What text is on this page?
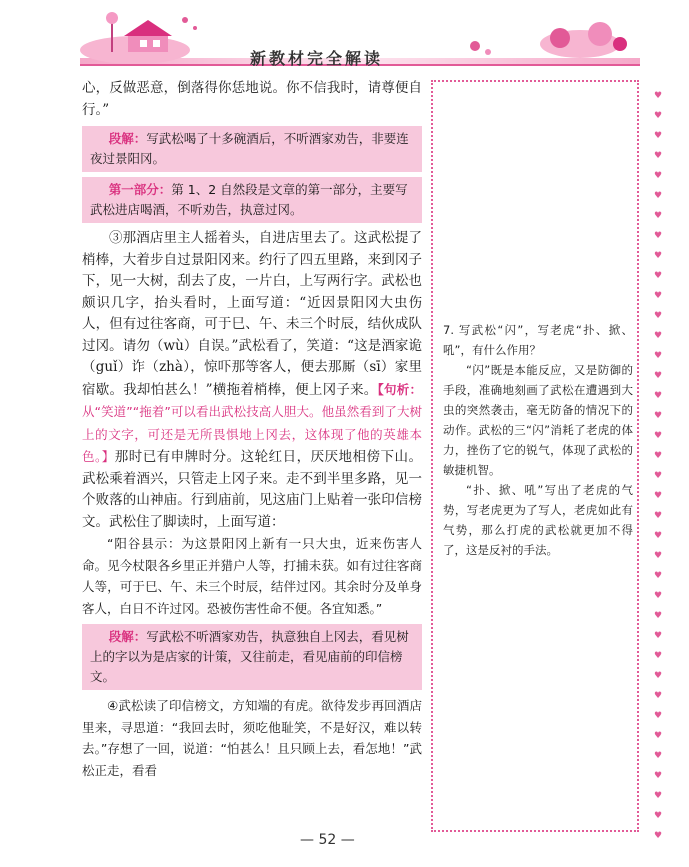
新教材完全解读

心，反做恶意，倒落得你恁地说。你不信我时，请尊便自行。”

段解：写武松喝了十多碗酒后，不听酒家劝告，非要连夜过景阳冈。
第一部分：第 1、2 自然段是文章的第一部分，主要写武松进店喝酒，不听劝告，执意过冈。

③那酒店里主人摇着头，自进店里去了。这武松提了梢棒，大着步自过景阳冈来。约行了四五里路，来到冈子下，见一大树，刮去了皮，一片白，上写两行字。武松也颇识几字，抬头看时，上面写道：“近因景阳冈大虫伤人，但有过往客商，可于巳、午、未三个时辰，结伙成队过冈。请勿（wù）自误。”武松看了，笑道：“这是酒家诡（guǐ）诈（zhà），惊吓那等客人，便去那厮（sī）家里宿歇。我却怕甚么！”横拖着梢棒，便上冈子来。【句析：从“笑道”“拖着”可以看出武松技高人胆大。他虽然看到了大树上的文字，可还是无所畏惧地上冈去，这体现了他的英雄本色。】那时已有申牌时分。这轮红日，厌厌地相傍下山。武松乘着酒兴，只管走上冈子来。走不到半里多路，见一个败落的山神庙。行到庙前，见这庙门上贴着一张印信榜文。武松住了脚读时，上面写道：

“阳谷县示：为这景阳冈上新有一只大虫，近来伤害人命。见今杖限各乡里正并猎户人等，打捕未获。如有过往客商人等，可于巳、午、未三个时辰，结伴过冈。其余时分及单身客人，白日不许过冈。恐被伤害性命不便。各宜知悉。”

段解：写武松不听酒家劝告，执意独自上冈去，看见树上的字以为是店家的计策，又往前走，看见庙前的印信榜文。

④武松读了印信榜文，方知端的有虎。欲待发步再回酒店里来，寻思道：“我回去时，须吃他耻笑，不是好汉，难以转去。”存想了一回，说道：“怕甚么！且只顾上去，看怎地！”武松正走，看看

7. 写武松“闪”，写老虎“扑、掀、吼”，有什么作用？

“闪”既是本能反应，又是防御的手段，准确地刻画了武松在遭遇到大虫的突然袭击，毫无防备的情况下的动作。武松的三“闪”消耗了老虎的体力，挫伤了它的锐气，体现了武松的敏捷机智。

“扑、掀、吼”写出了老虎的气势，写老虎更为了写人，老虎如此有气势，那么打虎的武松就更加不得了，这是反衬的手法。

♥
♥
♥
♥
♥
♥
♥
♥
♥
♥
♥
♥
♥
♥
♥
♥
♥
♥
♥
♥
♥
♥
♥
♥
♥
♥
♥
♥
♥
♥
♥
♥
♥
♥
♥
♥
♥
♥
— 52 —
